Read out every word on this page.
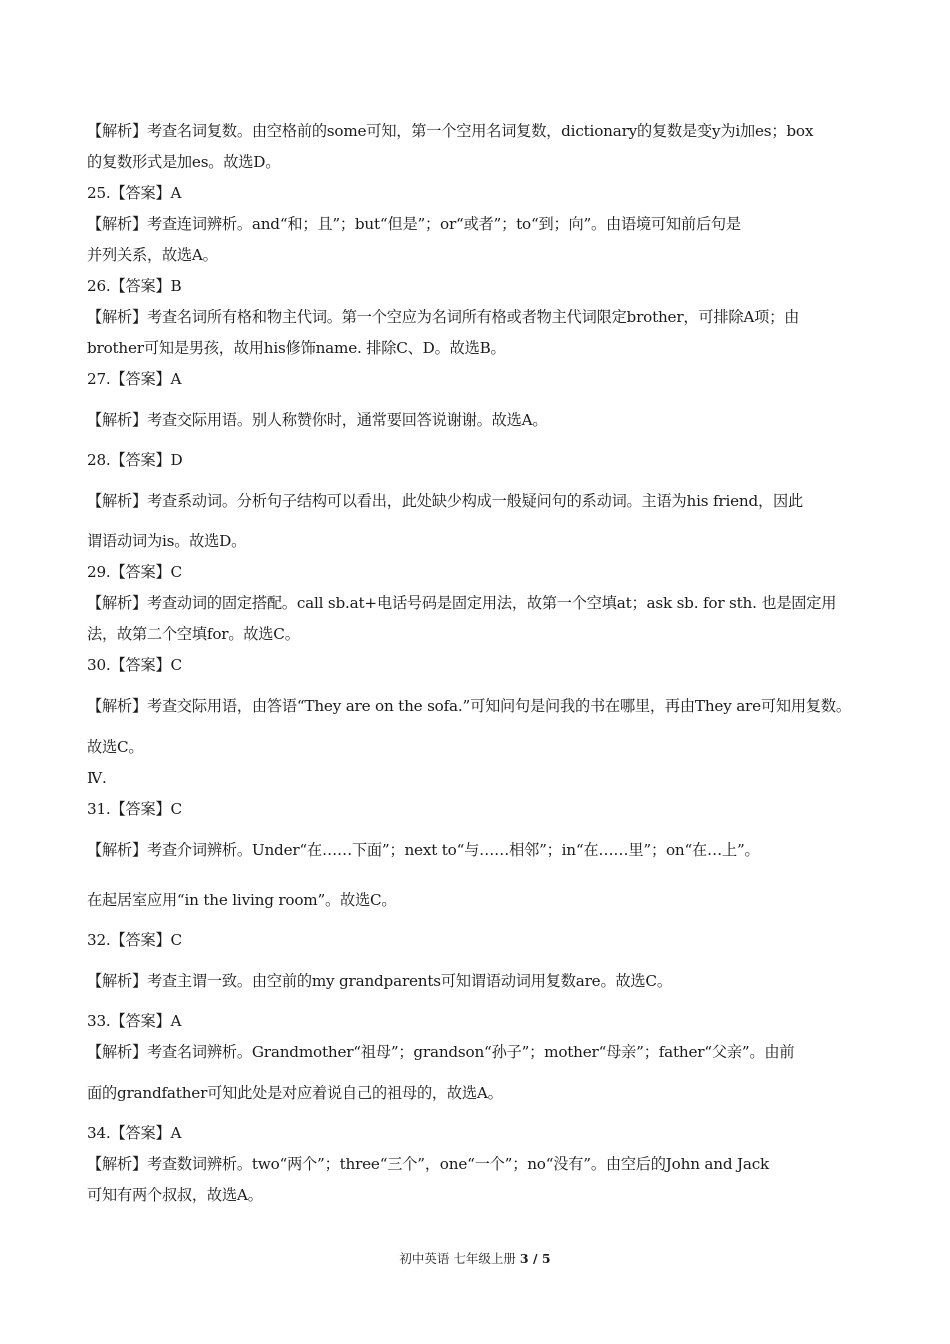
【解析】考查名词复数。由空格前的some可知，第一个空用名词复数，dictionary的复数是变y为i加es；box
的复数形式是加es。故选D。
25.【答案】A
【解析】考查连词辨析。and“和；且”；but“但是”；or“或者”；to“到；向”。由语境可知前后句是
并列关系，故选A。
26.【答案】B
【解析】考查名词所有格和物主代词。第一个空应为名词所有格或者物主代词限定brother，可排除A项；由
brother可知是男孩，故用his修饰name. 排除C、D。故选B。
27.【答案】A
【解析】考查交际用语。别人称赞你时，通常要回答说谢谢。故选A。
28.【答案】D
【解析】考查系动词。分析句子结构可以看出，此处缺少构成一般疑问句的系动词。主语为his friend，因此
谓语动词为is。故选D。
29.【答案】C
【解析】考查动词的固定搭配。call sb.at+电话号码是固定用法，故第一个空填at；ask sb. for sth. 也是固定用
法，故第二个空填for。故选C。
30.【答案】C
【解析】考查交际用语，由答语“They are on the sofa.”可知问句是问我的书在哪里，再由They are可知用复数。
故选C。
Ⅳ.
31.【答案】C
【解析】考查介词辨析。Under“在……下面”；next to“与……相邻”；in“在……里”；on“在…上”。
在起居室应用“in the living room”。故选C。
32.【答案】C
【解析】考查主谓一致。由空前的my grandparents可知谓语动词用复数are。故选C。
33.【答案】A
【解析】考查名词辨析。Grandmother“祖母”；grandson“孙子”；mother“母亲”；father“父亲”。由前
面的grandfather可知此处是对应着说自己的祖母的，故选A。
34.【答案】A
【解析】考查数词辨析。two“两个”；three“三个”，one“一个”；no“没有”。由空后的John and Jack
可知有两个叔叔，故选A。
初中英语 七年级上册 3 / 5
